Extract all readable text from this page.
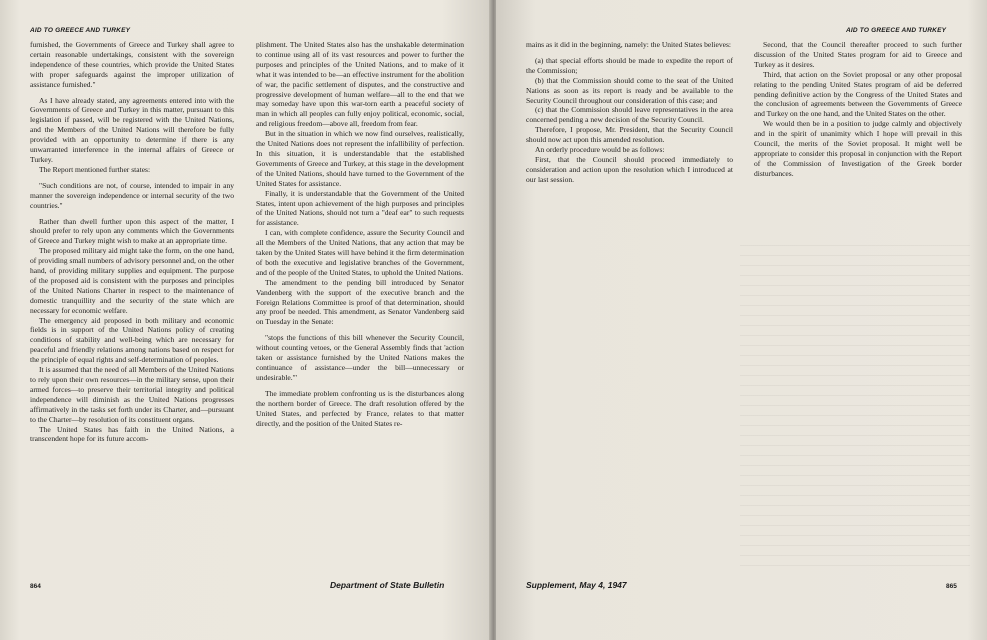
AID TO GREECE AND TURKEY

furnished, the Governments of Greece and Turkey shall agree to certain reasonable undertakings, consistent with the sovereign independence of these countries, which provide the United States with proper safeguards against the improper utilization of assistance furnished."

As I have already stated, any agreements entered into with the Governments of Greece and Turkey in this matter, pursuant to this legislation if passed, will be registered with the United Nations, and the Members of the United Nations will therefore be fully provided with an opportunity to determine if there is any unwarranted interference in the internal affairs of Greece or Turkey.

The Report mentioned further states:

"Such conditions are not, of course, intended to impair in any manner the sovereign independence or internal security of the two countries."

Rather than dwell further upon this aspect of the matter, I should prefer to rely upon any comments which the Governments of Greece and Turkey might wish to make at an appropriate time.

The proposed military aid might take the form, on the one hand, of providing small numbers of advisory personnel and, on the other hand, of providing military supplies and equipment. The purpose of the proposed aid is consistent with the purposes and principles of the United Nations Charter in respect to the maintenance of domestic tranquillity and the security of the state which are necessary for economic welfare.

The emergency aid proposed in both military and economic fields is in support of the United Nations policy of creating conditions of stability and well-being which are necessary for peaceful and friendly relations among nations based on respect for the principle of equal rights and self-determination of peoples.

It is assumed that the need of all Members of the United Nations to rely upon their own resources—in the military sense, upon their armed forces—to preserve their territorial integrity and political independence will diminish as the United Nations progresses affirmatively in the tasks set forth under its Charter, and—pursuant to the Charter—by resolution of its constituent organs.

The United States has faith in the United Nations, a transcendent hope for its future accom-

plishment. The United States also has the unshakable determination to continue using all of its vast resources and power to further the purposes and principles of the United Nations, and to make of it what it was intended to be—an effective instrument for the abolition of war, the pacific settlement of disputes, and the constructive and progressive development of human welfare—all to the end that we may someday have upon this war-torn earth a peaceful society of man in which all peoples can fully enjoy political, economic, social, and religious freedom—above all, freedom from fear.

But in the situation in which we now find ourselves, realistically, the United Nations does not represent the infallibility of perfection. In this situation, it is understandable that the established Governments of Greece and Turkey, at this stage in the development of the United Nations, should have turned to the Government of the United States for assistance.

Finally, it is understandable that the Government of the United States, intent upon achievement of the high purposes and principles of the United Nations, should not turn a "deaf ear" to such requests for assistance.

I can, with complete confidence, assure the Security Council and all the Members of the United Nations, that any action that may be taken by the United States will have behind it the firm determination of both the executive and legislative branches of the Government, and of the people of the United States, to uphold the United Nations.

The amendment to the pending bill introduced by Senator Vandenberg with the support of the executive branch and the Foreign Relations Committee is proof of that determination, should any proof be needed. This amendment, as Senator Vandenberg said on Tuesday in the Senate:

"stops the functions of this bill whenever the Security Council, without counting vetoes, or the General Assembly finds that 'action taken or assistance furnished by the United Nations makes the continuance of assistance—under the bill—unnecessary or undesirable.'"

The immediate problem confronting us is the disturbances along the northern border of Greece. The draft resolution offered by the United States, and perfected by France, relates to that matter directly, and the position of the United States re-

864	Department of State Bulletin
AID TO GREECE AND TURKEY

mains as it did in the beginning, namely: the United States believes:

(a) that special efforts should be made to expedite the report of the Commission;

(b) that the Commission should come to the seat of the United Nations as soon as its report is ready and be available to the Security Council throughout our consideration of this case; and

(c) that the Commission should leave representatives in the area concerned pending a new decision of the Security Council.

Therefore, I propose, Mr. President, that the Security Council should now act upon this amended resolution.

An orderly procedure would be as follows:

First, that the Council should proceed immediately to consideration and action upon the resolution which I introduced at our last session.

Second, that the Council thereafter proceed to such further discussion of the United States program for aid to Greece and Turkey as it desires.

Third, that action on the Soviet proposal or any other proposal relating to the pending United States program of aid be deferred pending definitive action by the Congress of the United States and the conclusion of agreements between the Governments of Greece and Turkey on the one hand, and the United States on the other.

We would then be in a position to judge calmly and objectively and in the spirit of unanimity which I hope will prevail in this Council, the merits of the Soviet proposal. It might well be appropriate to consider this proposal in conjunction with the Report of the Commission of Investigation of the Greek border disturbances.

Supplement, May 4, 1947	865
